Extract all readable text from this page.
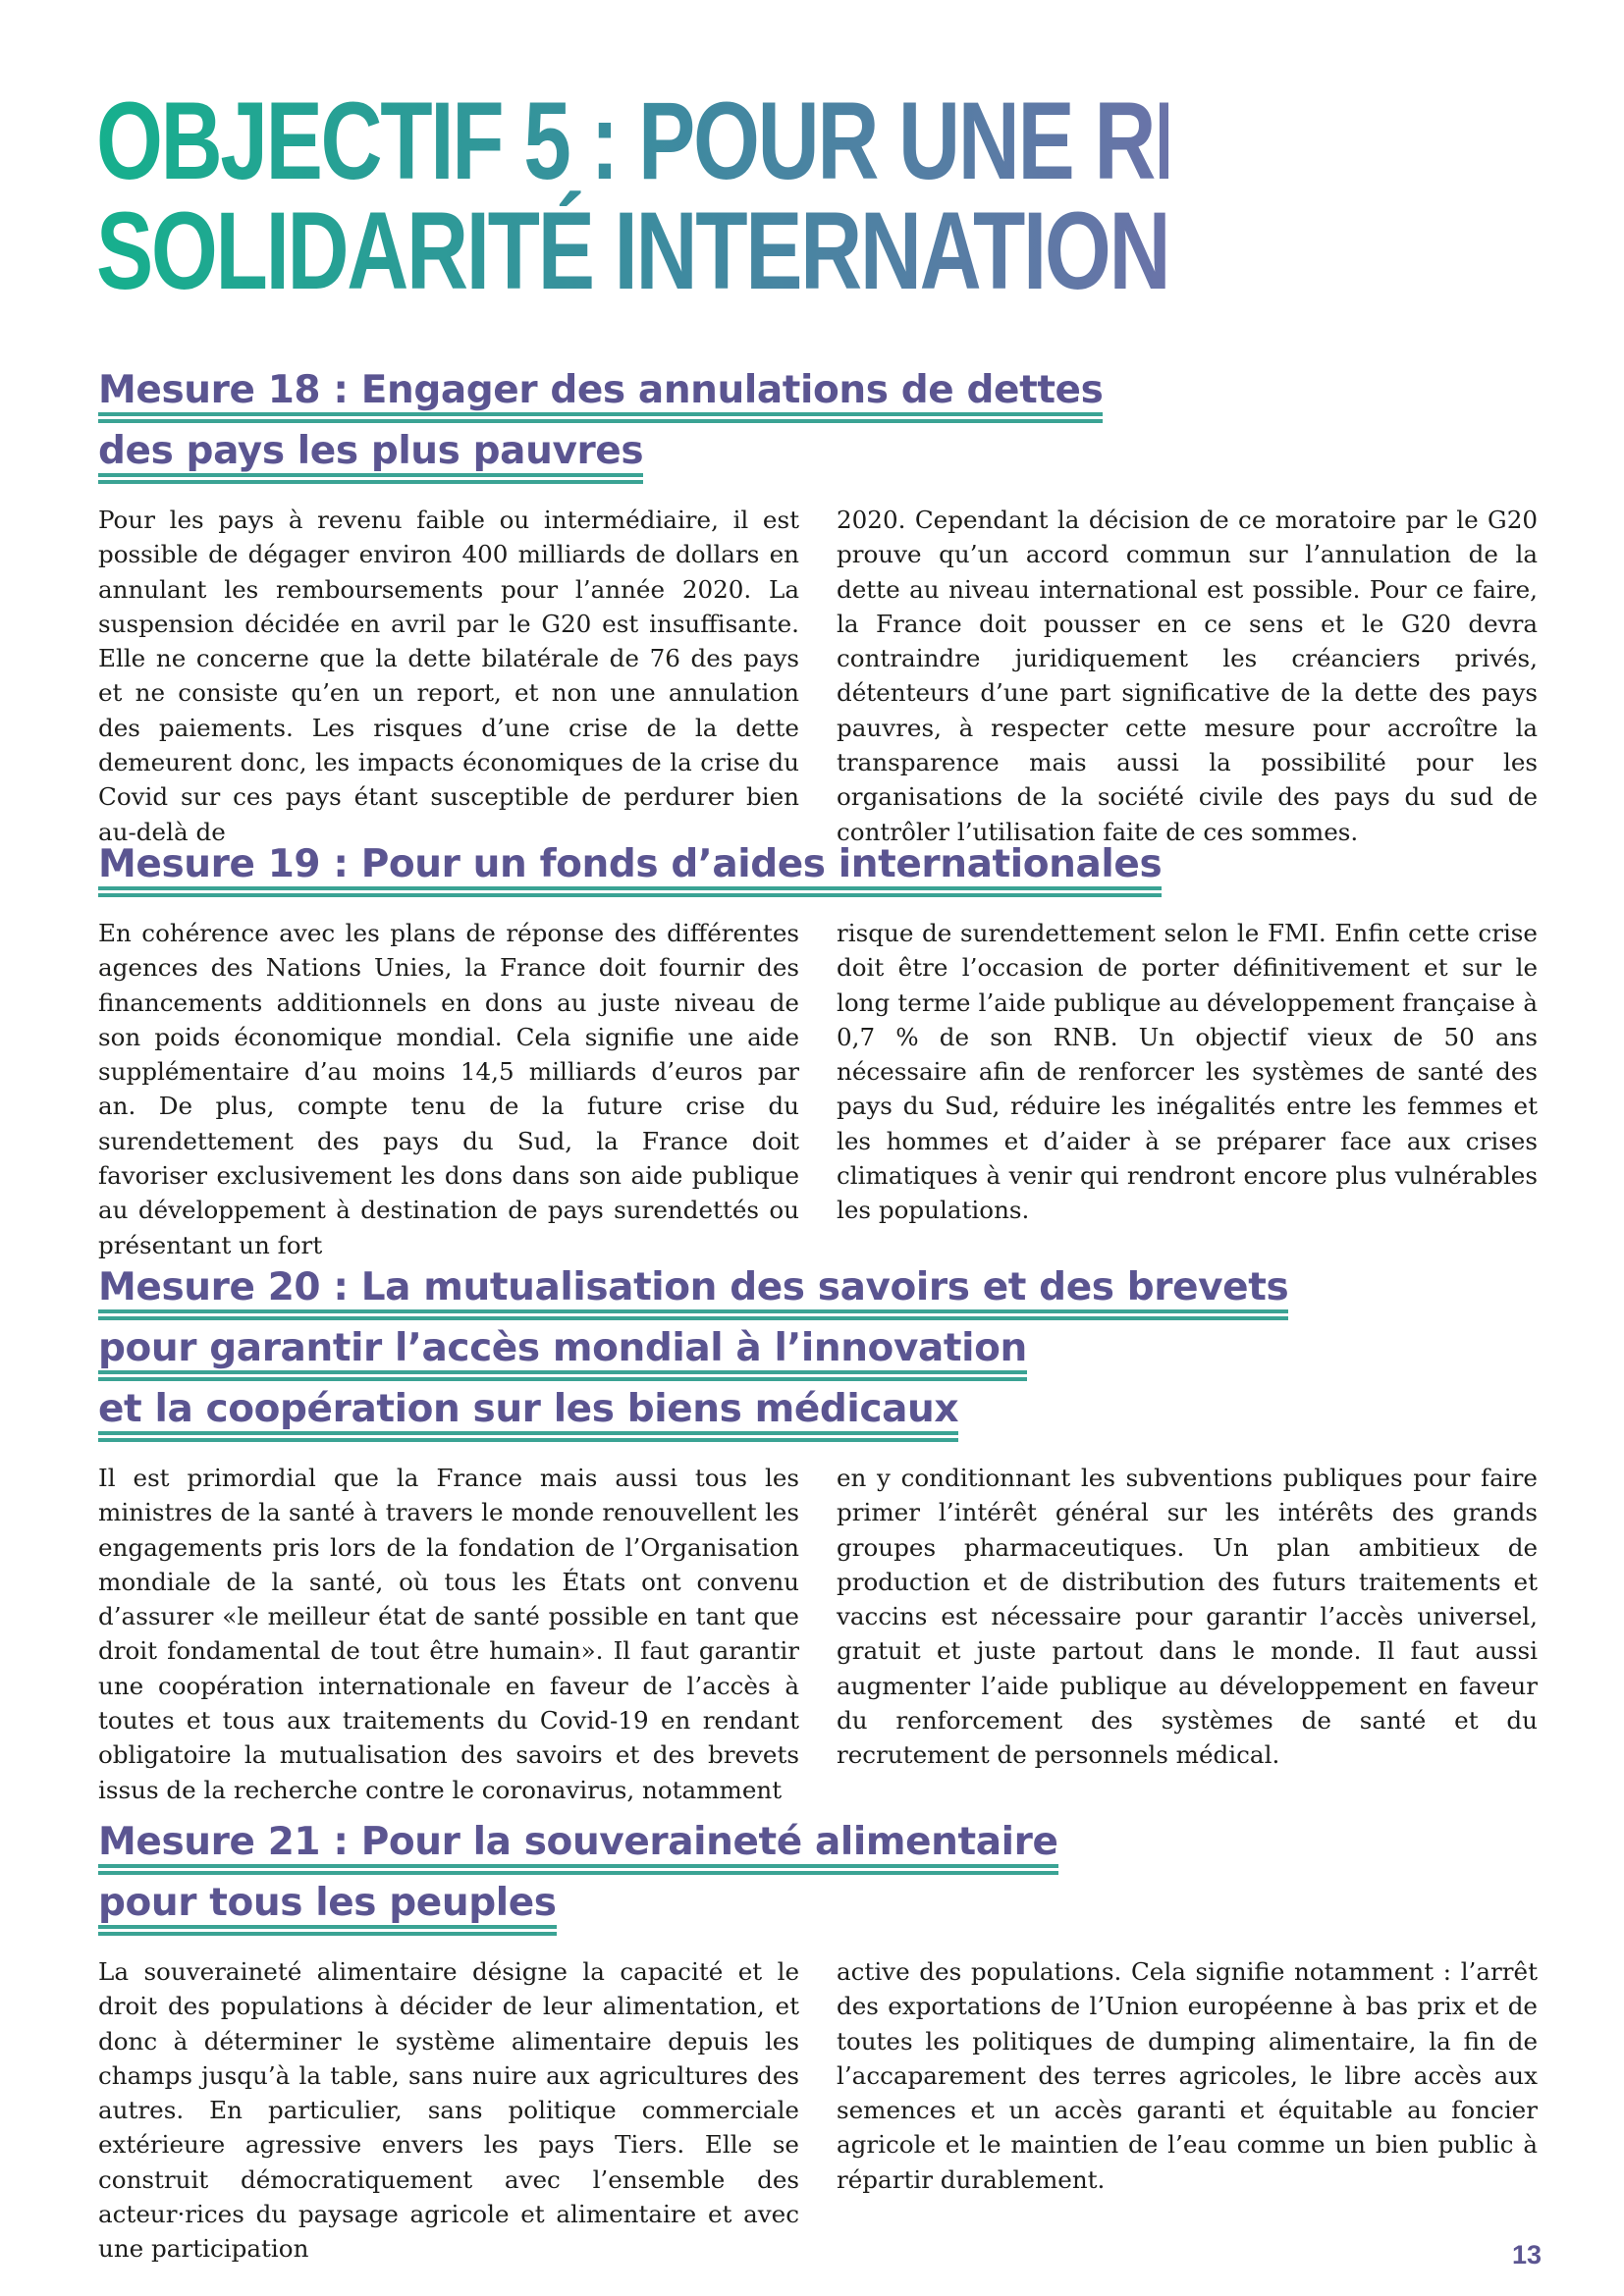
OBJECTIF 5 : POUR UNE RÉELLE
SOLIDARITÉ INTERNATIONALE
Mesure 18 : Engager des annulations de dettes
des pays les plus pauvres

Pour les pays à revenu faible ou intermédiaire, il est possible de dégager environ 400 milliards de dollars en annulant les remboursements pour l’année 2020. La suspension décidée en avril par le G20 est insuffisante. Elle ne concerne que la dette bilatérale de 76 des pays et ne consiste qu’en un report, et non une annulation des paiements. Les risques d’une crise de la dette demeurent donc, les impacts économiques de la crise du Covid sur ces pays étant susceptible de perdurer bien au-delà de

2020. Cependant la décision de ce moratoire par le G20 prouve qu’un accord commun sur l’annulation de la dette au niveau international est possible. Pour ce faire, la France doit pousser en ce sens et le G20 devra contraindre juridiquement les créanciers privés, détenteurs d’une part significative de la dette des pays pauvres, à respecter cette mesure pour accroître la transparence mais aussi la possibilité pour les organisations de la société civile des pays du sud de contrôler l’utilisation faite de ces sommes.

Mesure 19 : Pour un fonds d’aides internationales

En cohérence avec les plans de réponse des différentes agences des Nations Unies, la France doit fournir des financements additionnels en dons au juste niveau de son poids économique mondial. Cela signifie une aide supplémentaire d’au moins 14,5 milliards d’euros par an. De plus, compte tenu de la future crise du surendettement des pays du Sud, la France doit favoriser exclusivement les dons dans son aide publique au développement à destination de pays surendettés ou présentant un fort

risque de surendettement selon le FMI. Enfin cette crise doit être l’occasion de porter définitivement et sur le long terme l’aide publique au développement française à 0,7 % de son RNB. Un objectif vieux de 50 ans nécessaire afin de renforcer les systèmes de santé des pays du Sud, réduire les inégalités entre les femmes et les hommes et d’aider à se préparer face aux crises climatiques à venir qui rendront encore plus vulnérables les populations.

Mesure 20 : La mutualisation des savoirs et des brevets
pour garantir l’accès mondial à l’innovation
et la coopération sur les biens médicaux

Il est primordial que la France mais aussi tous les ministres de la santé à travers le monde renouvellent les engagements pris lors de la fondation de l’Organisation mondiale de la santé, où tous les États ont convenu d’assurer «le meilleur état de santé possible en tant que droit fondamental de tout être humain». Il faut garantir une coopération internationale en faveur de l’accès à toutes et tous aux traitements du Covid-19 en rendant obligatoire la mutualisation des savoirs et des brevets issus de la recherche contre le coronavirus, notamment

en y conditionnant les subventions publiques pour faire primer l’intérêt général sur les intérêts des grands groupes pharmaceutiques. Un plan ambitieux de production et de distribution des futurs traitements et vaccins est nécessaire pour garantir l’accès universel, gratuit et juste partout dans le monde. Il faut aussi augmenter l’aide publique au développement en faveur du renforcement des systèmes de santé et du recrutement de personnels médical.

Mesure 21 : Pour la souveraineté alimentaire
pour tous les peuples

La souveraineté alimentaire désigne la capacité et le droit des populations à décider de leur alimentation, et donc à déterminer le système alimentaire depuis les champs jusqu’à la table, sans nuire aux agricultures des autres. En particulier, sans politique commerciale extérieure agressive envers les pays Tiers. Elle se construit démocratiquement avec l’ensemble des acteur·rices du paysage agricole et alimentaire et avec une participation

active des populations. Cela signifie notamment : l’arrêt des exportations de l’Union européenne à bas prix et de toutes les politiques de dumping alimentaire, la fin de l’accaparement des terres agricoles, le libre accès aux semences et un accès garanti et équitable au foncier agricole et le maintien de l’eau comme un bien public à répartir durablement.

13
